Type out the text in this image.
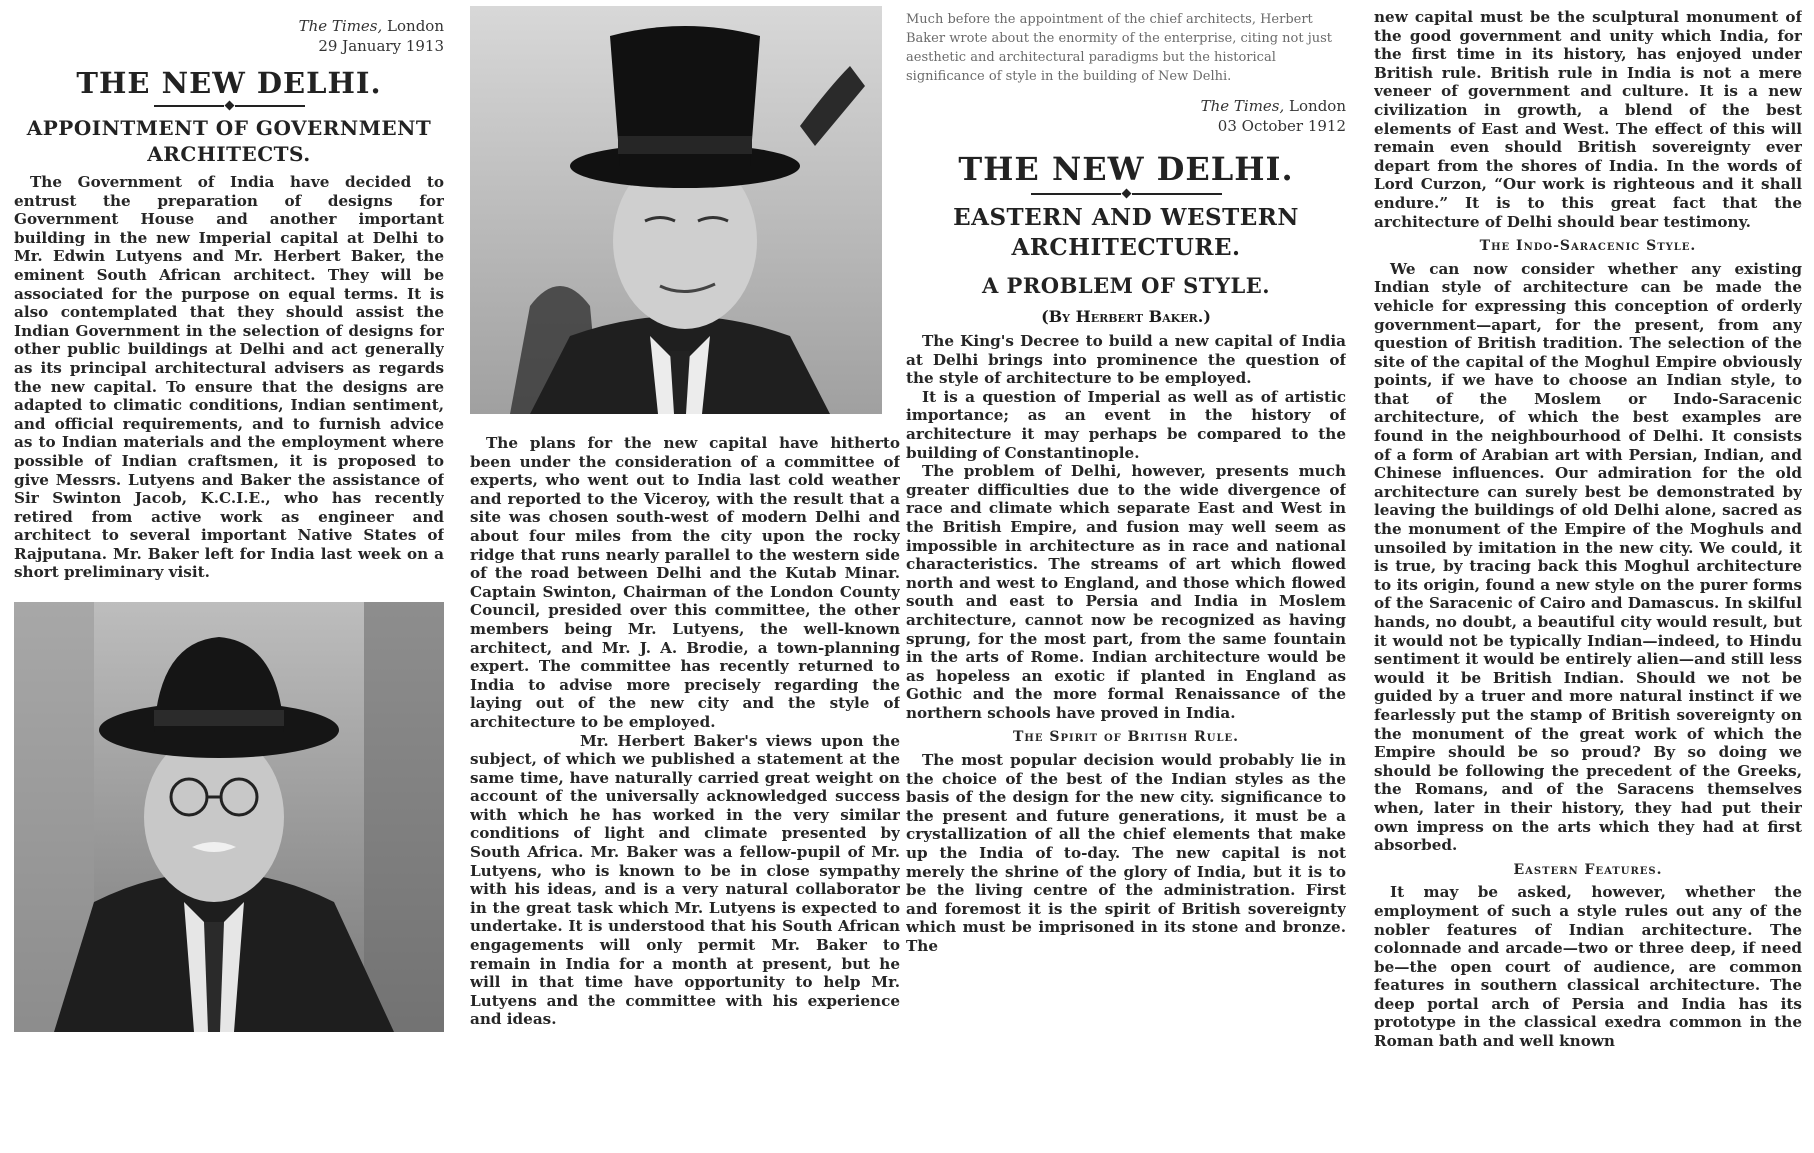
The Times, London
29 January 1913

THE NEW DELHI.
APPOINTMENT OF GOVERNMENT ARCHITECTS.

The Government of India have decided to entrust the preparation of designs for Government House and another important building in the new Imperial capital at Delhi to Mr. Edwin Lutyens and Mr. Herbert Baker, the eminent South African architect. They will be associated for the purpose on equal terms. It is also contemplated that they should assist the Indian Government in the selection of designs for other public buildings at Delhi and act generally as its principal architectural advisers as regards the new capital. To ensure that the designs are adapted to climatic conditions, Indian sentiment, and official requirements, and to furnish advice as to Indian materials and the employment where possible of Indian craftsmen, it is proposed to give Messrs. Lutyens and Baker the assistance of Sir Swinton Jacob, K.C.I.E., who has recently retired from active work as engineer and architect to several important Native States of Rajputana. Mr. Baker left for India last week on a short preliminary visit.

The plans for the new capital have hitherto been under the consideration of a committee of experts, who went out to India last cold weather and reported to the Viceroy, with the result that a site was chosen south-west of modern Delhi and about four miles from the city upon the rocky ridge that runs nearly parallel to the western side of the road between Delhi and the Kutab Minar. Captain Swinton, Chairman of the London County Council, presided over this committee, the other members being Mr. Lutyens, the well-known architect, and Mr. J. A. Brodie, a town-planning expert. The committee has recently returned to India to advise more precisely regarding the laying out of the new city and the style of architecture to be employed.

Mr. Herbert Baker's views upon the subject, of which we published a statement at the same time, have naturally carried great weight on account of the universally acknowledged success with which he has worked in the very similar conditions of light and climate presented by South Africa. Mr. Baker was a fellow-pupil of Mr. Lutyens, who is known to be in close sympathy with his ideas, and is a very natural collaborator in the great task which Mr. Lutyens is expected to undertake. It is understood that his South African engagements will only permit Mr. Baker to remain in India for a month at present, but he will in that time have opportunity to help Mr. Lutyens and the committee with his experience and ideas.

Much before the appointment of the chief architects, Herbert Baker wrote about the enormity of the enterprise, citing not just aesthetic and architectural paradigms but the historical significance of style in the building of New Delhi.

The Times, London
03 October 1912

THE NEW DELHI.
EASTERN AND WESTERN ARCHITECTURE.
A PROBLEM OF STYLE.
(By Herbert Baker.)

The King's Decree to build a new capital of India at Delhi brings into prominence the question of the style of architecture to be employed.

It is a question of Imperial as well as of artistic importance; as an event in the history of architecture it may perhaps be compared to the building of Constantinople.

The problem of Delhi, however, presents much greater difficulties due to the wide divergence of race and climate which separate East and West in the British Empire, and fusion may well seem as impossible in architecture as in race and national characteristics. The streams of art which flowed north and west to England, and those which flowed south and east to Persia and India in Moslem architecture, cannot now be recognized as having sprung, for the most part, from the same fountain in the arts of Rome. Indian architecture would be as hopeless an exotic if planted in England as Gothic and the more formal Renaissance of the northern schools have proved in India.

The Spirit of British Rule.

The most popular decision would probably lie in the choice of the best of the Indian styles as the basis of the design for the new city. significance to the present and future generations, it must be a crystallization of all the chief elements that make up the India of to-day. The new capital is not merely the shrine of the glory of India, but it is to be the living centre of the administration. First and foremost it is the spirit of British sovereignty which must be imprisoned in its stone and bronze. The

new capital must be the sculptural monument of the good government and unity which India, for the first time in its history, has enjoyed under British rule. British rule in India is not a mere veneer of government and culture. It is a new civilization in growth, a blend of the best elements of East and West. The effect of this will remain even should British sovereignty ever depart from the shores of India. In the words of Lord Curzon, “Our work is righteous and it shall endure.” It is to this great fact that the architecture of Delhi should bear testimony.

The Indo-Saracenic Style.

We can now consider whether any existing Indian style of architecture can be made the vehicle for expressing this conception of orderly government—apart, for the present, from any question of British tradition. The selection of the site of the capital of the Moghul Empire obviously points, if we have to choose an Indian style, to that of the Moslem or Indo-Saracenic architecture, of which the best examples are found in the neighbourhood of Delhi. It consists of a form of Arabian art with Persian, Indian, and Chinese influences. Our admiration for the old architecture can surely best be demonstrated by leaving the buildings of old Delhi alone, sacred as the monument of the Empire of the Moghuls and unsoiled by imitation in the new city. We could, it is true, by tracing back this Moghul architecture to its origin, found a new style on the purer forms of the Saracenic of Cairo and Damascus. In skilful hands, no doubt, a beautiful city would result, but it would not be typically Indian—indeed, to Hindu sentiment it would be entirely alien—and still less would it be British Indian. Should we not be guided by a truer and more natural instinct if we fearlessly put the stamp of British sovereignty on the monument of the great work of which the Empire should be so proud? By so doing we should be following the precedent of the Greeks, the Romans, and of the Saracens themselves when, later in their history, they had put their own impress on the arts which they had at first absorbed.

Eastern Features.

It may be asked, however, whether the employment of such a style rules out any of the nobler features of Indian architecture. The colonnade and arcade—two or three deep, if need be—the open court of audience, are common features in southern classical architecture. The deep portal arch of Persia and India has its prototype in the classical exedra common in the Roman bath and well known
